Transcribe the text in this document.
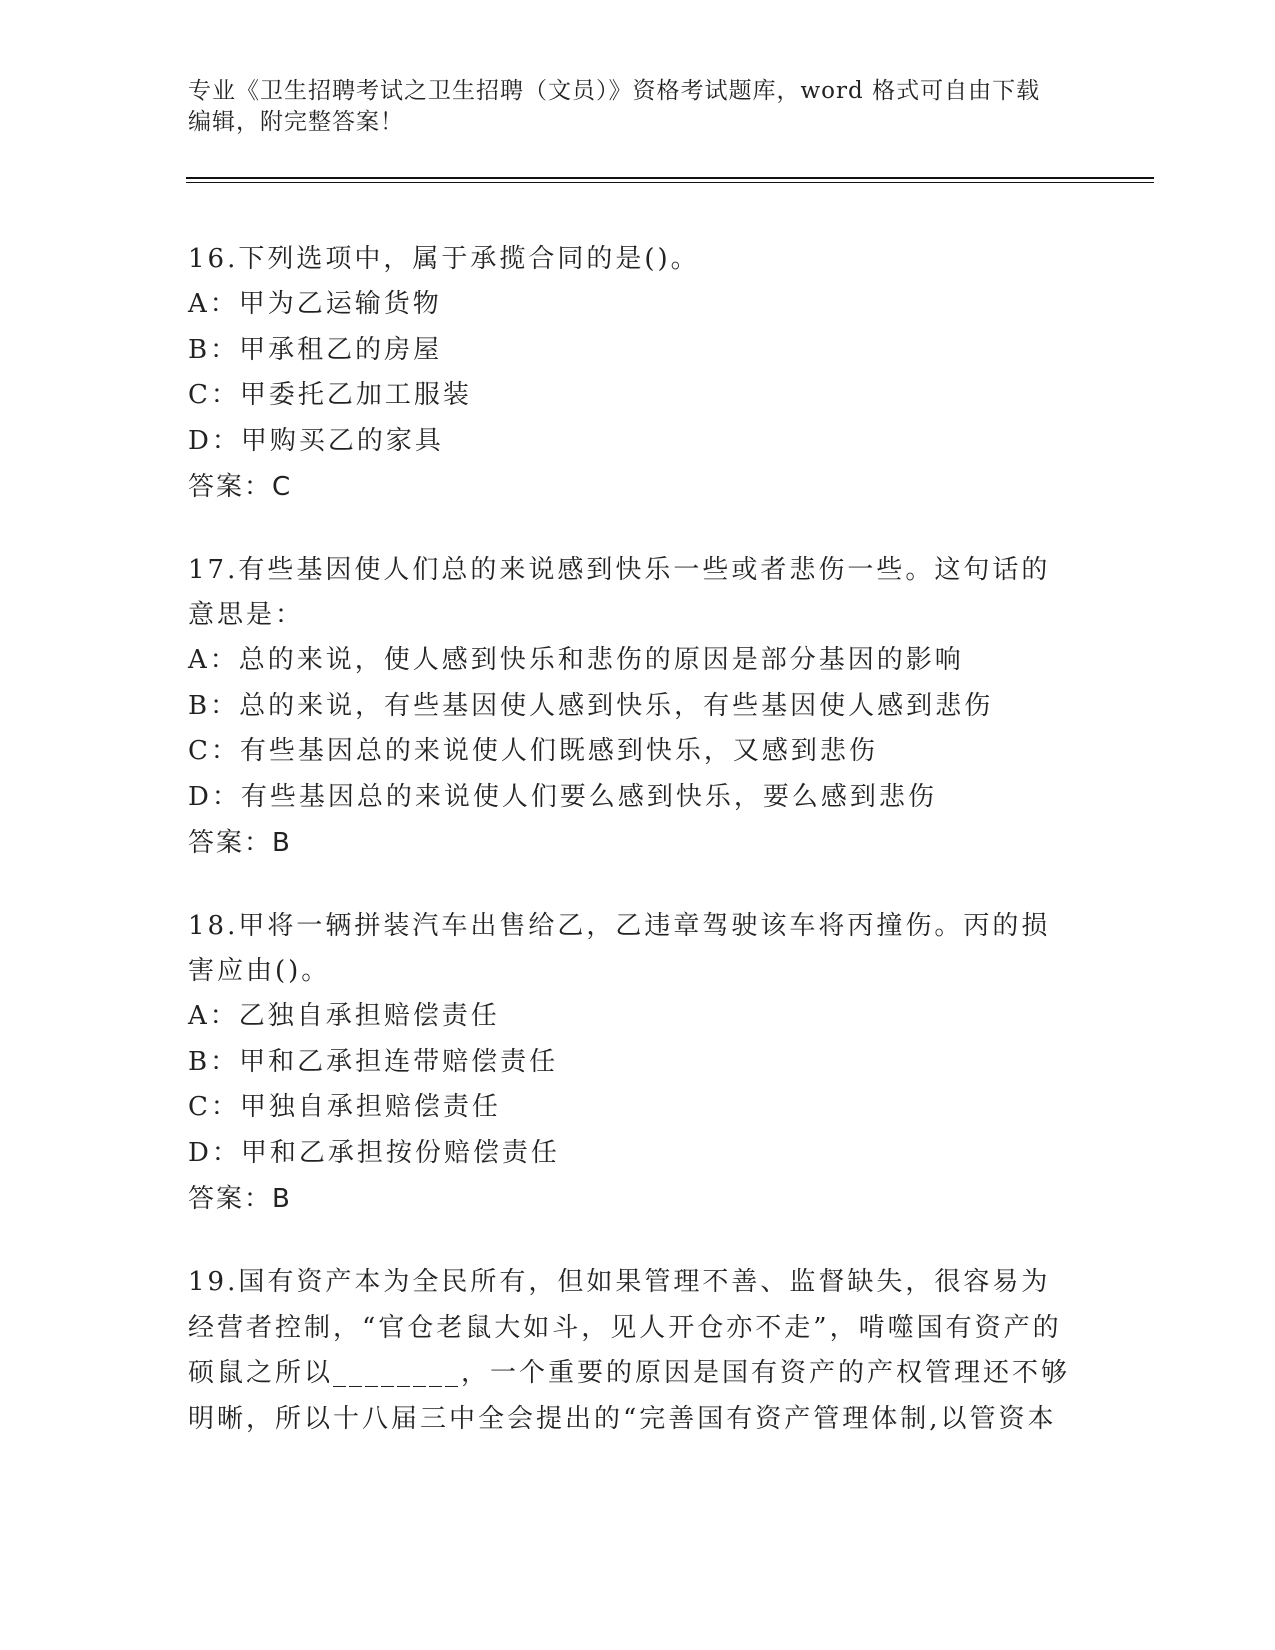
专业《卫生招聘考试之卫生招聘（文员）》资格考试题库，word 格式可自由下载
编辑，附完整答案！
16.下列选项中，属于承揽合同的是()。
A：甲为乙运输货物
B：甲承租乙的房屋
C：甲委托乙加工服装
D：甲购买乙的家具
答案：C
17.有些基因使人们总的来说感到快乐一些或者悲伤一些。这句话的意思是：
A：总的来说，使人感到快乐和悲伤的原因是部分基因的影响
B：总的来说，有些基因使人感到快乐，有些基因使人感到悲伤
C：有些基因总的来说使人们既感到快乐，又感到悲伤
D：有些基因总的来说使人们要么感到快乐，要么感到悲伤
答案：B
18.甲将一辆拼装汽车出售给乙，乙违章驾驶该车将丙撞伤。丙的损害应由()。
A：乙独自承担赔偿责任
B：甲和乙承担连带赔偿责任
C：甲独自承担赔偿责任
D：甲和乙承担按份赔偿责任
答案：B
19.国有资产本为全民所有，但如果管理不善、监督缺失，很容易为经营者控制，“官仓老鼠大如斗，见人开仓亦不走”，啃噬国有资产的硕鼠之所以________，一个重要的原因是国有资产的产权管理还不够明晰，所以十八届三中全会提出的“完善国有资产管理体制,以管资本
